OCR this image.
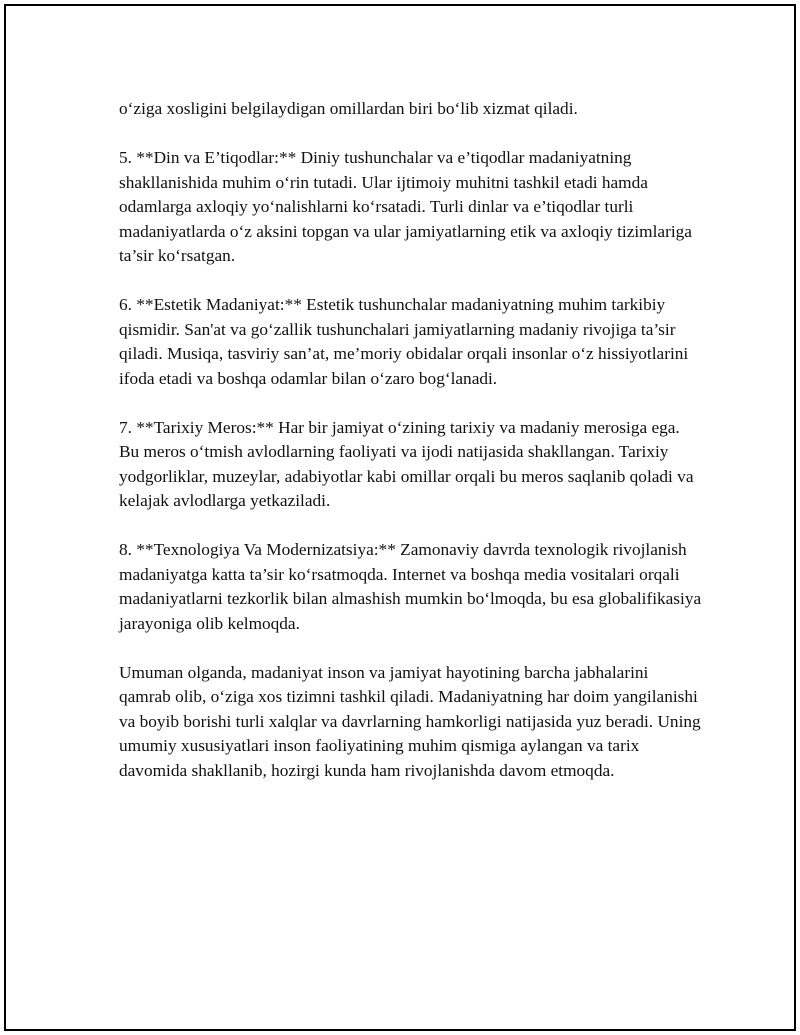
oʻziga xosligini belgilaydigan omillardan biri boʻlib xizmat qiladi.

5. **Din va E’tiqodlar:** Diniy tushunchalar va e’tiqodlar madaniyatning shakllanishida muhim oʻrin tutadi. Ular ijtimoiy muhitni tashkil etadi hamda odamlarga axloqiy yoʻnalishlarni koʻrsatadi. Turli dinlar va e’tiqodlar turli madaniyatlarda oʻz aksini topgan va ular jamiyatlarning etik va axloqiy tizimlariga ta’sir koʻrsatgan.

6. **Estetik Madaniyat:** Estetik tushunchalar madaniyatning muhim tarkibiy qismidir. San'at va goʻzallik tushunchalari jamiyatlarning madaniy rivojiga ta’sir qiladi. Musiqa, tasviriy san’at, me’moriy obidalar orqali insonlar oʻz hissiyotlarini ifoda etadi va boshqa odamlar bilan oʻzaro bogʻlanadi.

7. **Tarixiy Meros:** Har bir jamiyat oʻzining tarixiy va madaniy merosiga ega. Bu meros oʻtmish avlodlarning faoliyati va ijodi natijasida shakllangan. Tarixiy yodgorliklar, muzeylar, adabiyotlar kabi omillar orqali bu meros saqlanib qoladi va kelajak avlodlarga yetkaziladi.

8. **Texnologiya Va Modernizatsiya:** Zamonaviy davrda texnologik rivojlanish madaniyatga katta ta’sir koʻrsatmoqda. Internet va boshqa media vositalari orqali madaniyatlarni tezkorlik bilan almashish mumkin boʻlmoqda, bu esa globalifikasiya jarayoniga olib kelmoqda.

Umuman olganda, madaniyat inson va jamiyat hayotining barcha jabhalarini qamrab olib, oʻziga xos tizimni tashkil qiladi. Madaniyatning har doim yangilanishi va boyib borishi turli xalqlar va davrlarning hamkorligi natijasida yuz beradi. Uning umumiy xususiyatlari inson faoliyatining muhim qismiga aylangan va tarix davomida shakllanib, hozirgi kunda ham rivojlanishda davom etmoqda.
